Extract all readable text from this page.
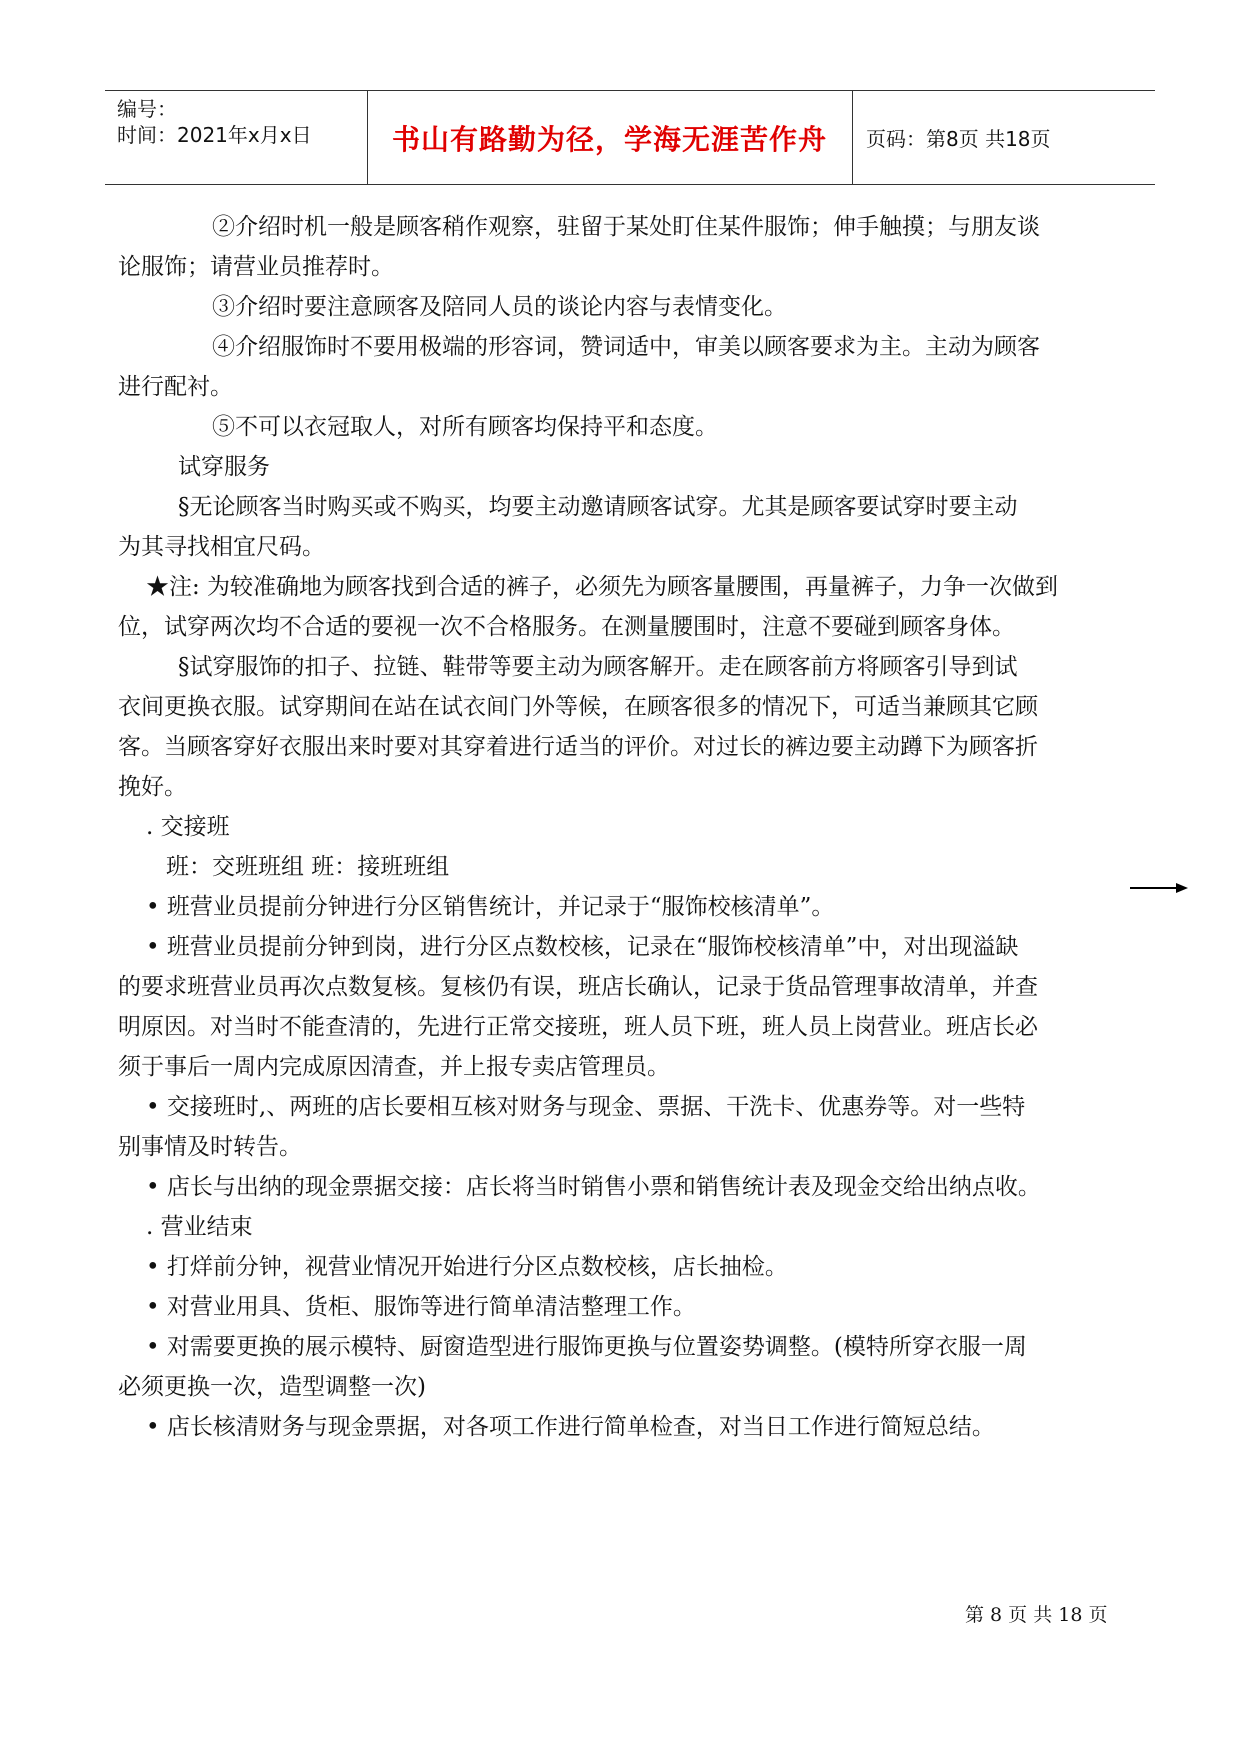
编号：
时间：2021年x月x日	书山有路勤为径，学海无涯苦作舟 页码：第8页 共18页
②介绍时机一般是顾客稍作观察，驻留于某处盯住某件服饰；伸手触摸；与朋友谈
论服饰；请营业员推荐时。
③介绍时要注意顾客及陪同人员的谈论内容与表情变化。
④介绍服饰时不要用极端的形容词，赞词适中，审美以顾客要求为主。主动为顾客
进行配衬。
⑤不可以衣冠取人，对所有顾客均保持平和态度。
试穿服务
§无论顾客当时购买或不购买，均要主动邀请顾客试穿。尤其是顾客要试穿时要主动
为其寻找相宜尺码。
★注: 为较准确地为顾客找到合适的裤子，必须先为顾客量腰围，再量裤子，力争一次做到
位，试穿两次均不合适的要视一次不合格服务。在测量腰围时，注意不要碰到顾客身体。
§试穿服饰的扣子、拉链、鞋带等要主动为顾客解开。走在顾客前方将顾客引导到试
衣间更换衣服。试穿期间在站在试衣间门外等候，在顾客很多的情况下，可适当兼顾其它顾
客。当顾客穿好衣服出来时要对其穿着进行适当的评价。对过长的裤边要主动蹲下为顾客折
挽好。
. 交接班
班：交班班组 班：接班班组
• 班营业员提前分钟进行分区销售统计，并记录于“服饰校核清单”。
• 班营业员提前分钟到岗，进行分区点数校核，记录在“服饰校核清单”中，对出现溢缺
的要求班营业员再次点数复核。复核仍有误，班店长确认，记录于货品管理事故清单，并查
明原因。对当时不能查清的，先进行正常交接班，班人员下班，班人员上岗营业。班店长必
须于事后一周内完成原因清查，并上报专卖店管理员。
• 交接班时,、两班的店长要相互核对财务与现金、票据、干洗卡、优惠券等。对一些特
别事情及时转告。
• 店长与出纳的现金票据交接：店长将当时销售小票和销售统计表及现金交给出纳点收。
. 营业结束
• 打烊前分钟，视营业情况开始进行分区点数校核，店长抽检。
• 对营业用具、货柜、服饰等进行简单清洁整理工作。
• 对需要更换的展示模特、厨窗造型进行服饰更换与位置姿势调整。(模特所穿衣服一周
必须更换一次，造型调整一次)
• 店长核清财务与现金票据，对各项工作进行简单检查，对当日工作进行简短总结。
第 8 页 共 18 页
